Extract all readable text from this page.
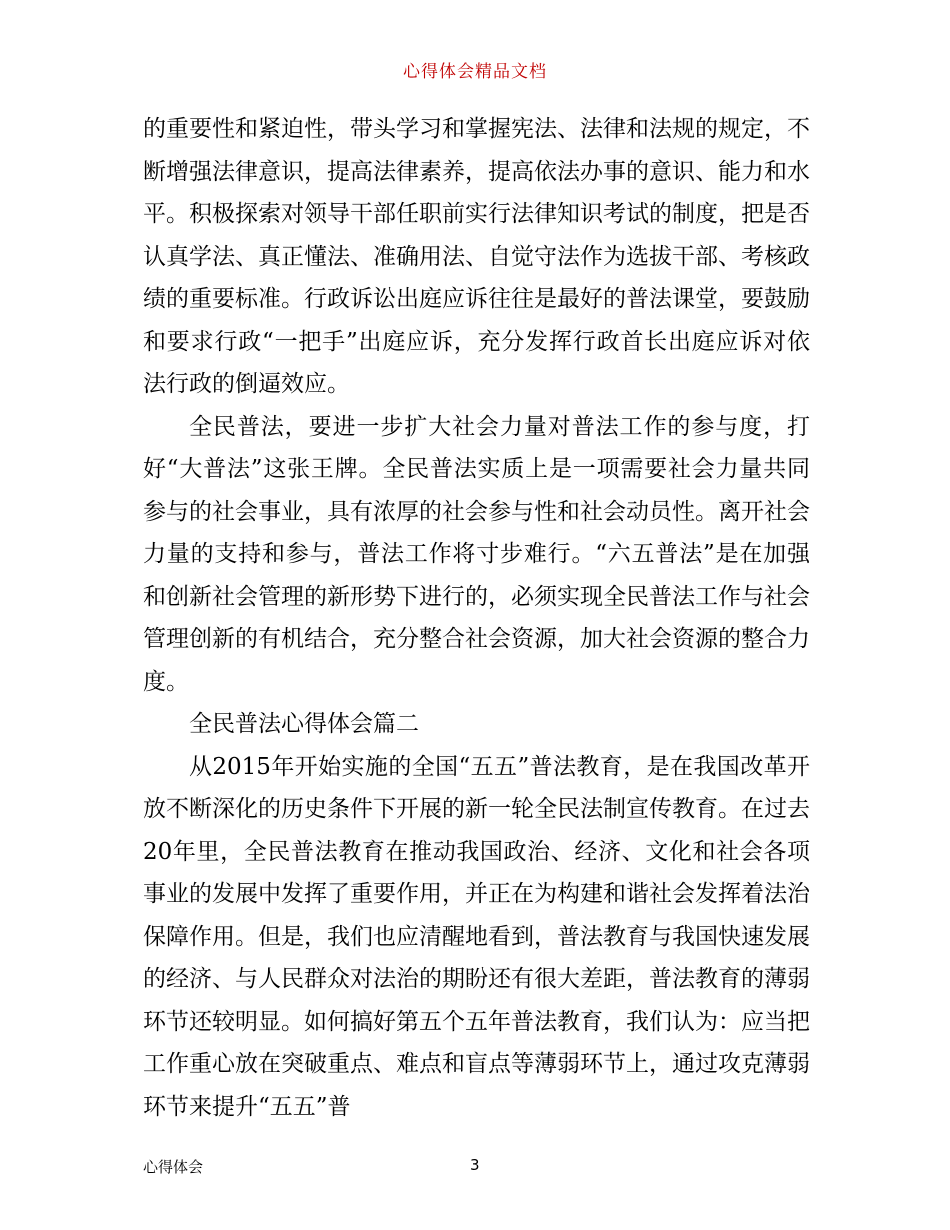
心得体会精品文档

的重要性和紧迫性，带头学习和掌握宪法、法律和法规的规定，不断增强法律意识，提高法律素养，提高依法办事的意识、能力和水平。积极探索对领导干部任职前实行法律知识考试的制度，把是否认真学法、真正懂法、准确用法、自觉守法作为选拔干部、考核政绩的重要标准。行政诉讼出庭应诉往往是最好的普法课堂，要鼓励和要求行政“一把手”出庭应诉，充分发挥行政首长出庭应诉对依法行政的倒逼效应。

全民普法，要进一步扩大社会力量对普法工作的参与度，打好“大普法”这张王牌。全民普法实质上是一项需要社会力量共同参与的社会事业，具有浓厚的社会参与性和社会动员性。离开社会力量的支持和参与，普法工作将寸步难行。“六五普法”是在加强和创新社会管理的新形势下进行的，必须实现全民普法工作与社会管理创新的有机结合，充分整合社会资源，加大社会资源的整合力度。

全民普法心得体会篇二

从2015年开始实施的全国“五五”普法教育，是在我国改革开放不断深化的历史条件下开展的新一轮全民法制宣传教育。在过去20年里，全民普法教育在推动我国政治、经济、文化和社会各项事业的发展中发挥了重要作用，并正在为构建和谐社会发挥着法治保障作用。但是，我们也应清醒地看到，普法教育与我国快速发展的经济、与人民群众对法治的期盼还有很大差距，普法教育的薄弱环节还较明显。如何搞好第五个五年普法教育，我们认为：应当把工作重心放在突破重点、难点和盲点等薄弱环节上，通过攻克薄弱环节来提升“五五”普

心得体会	3
